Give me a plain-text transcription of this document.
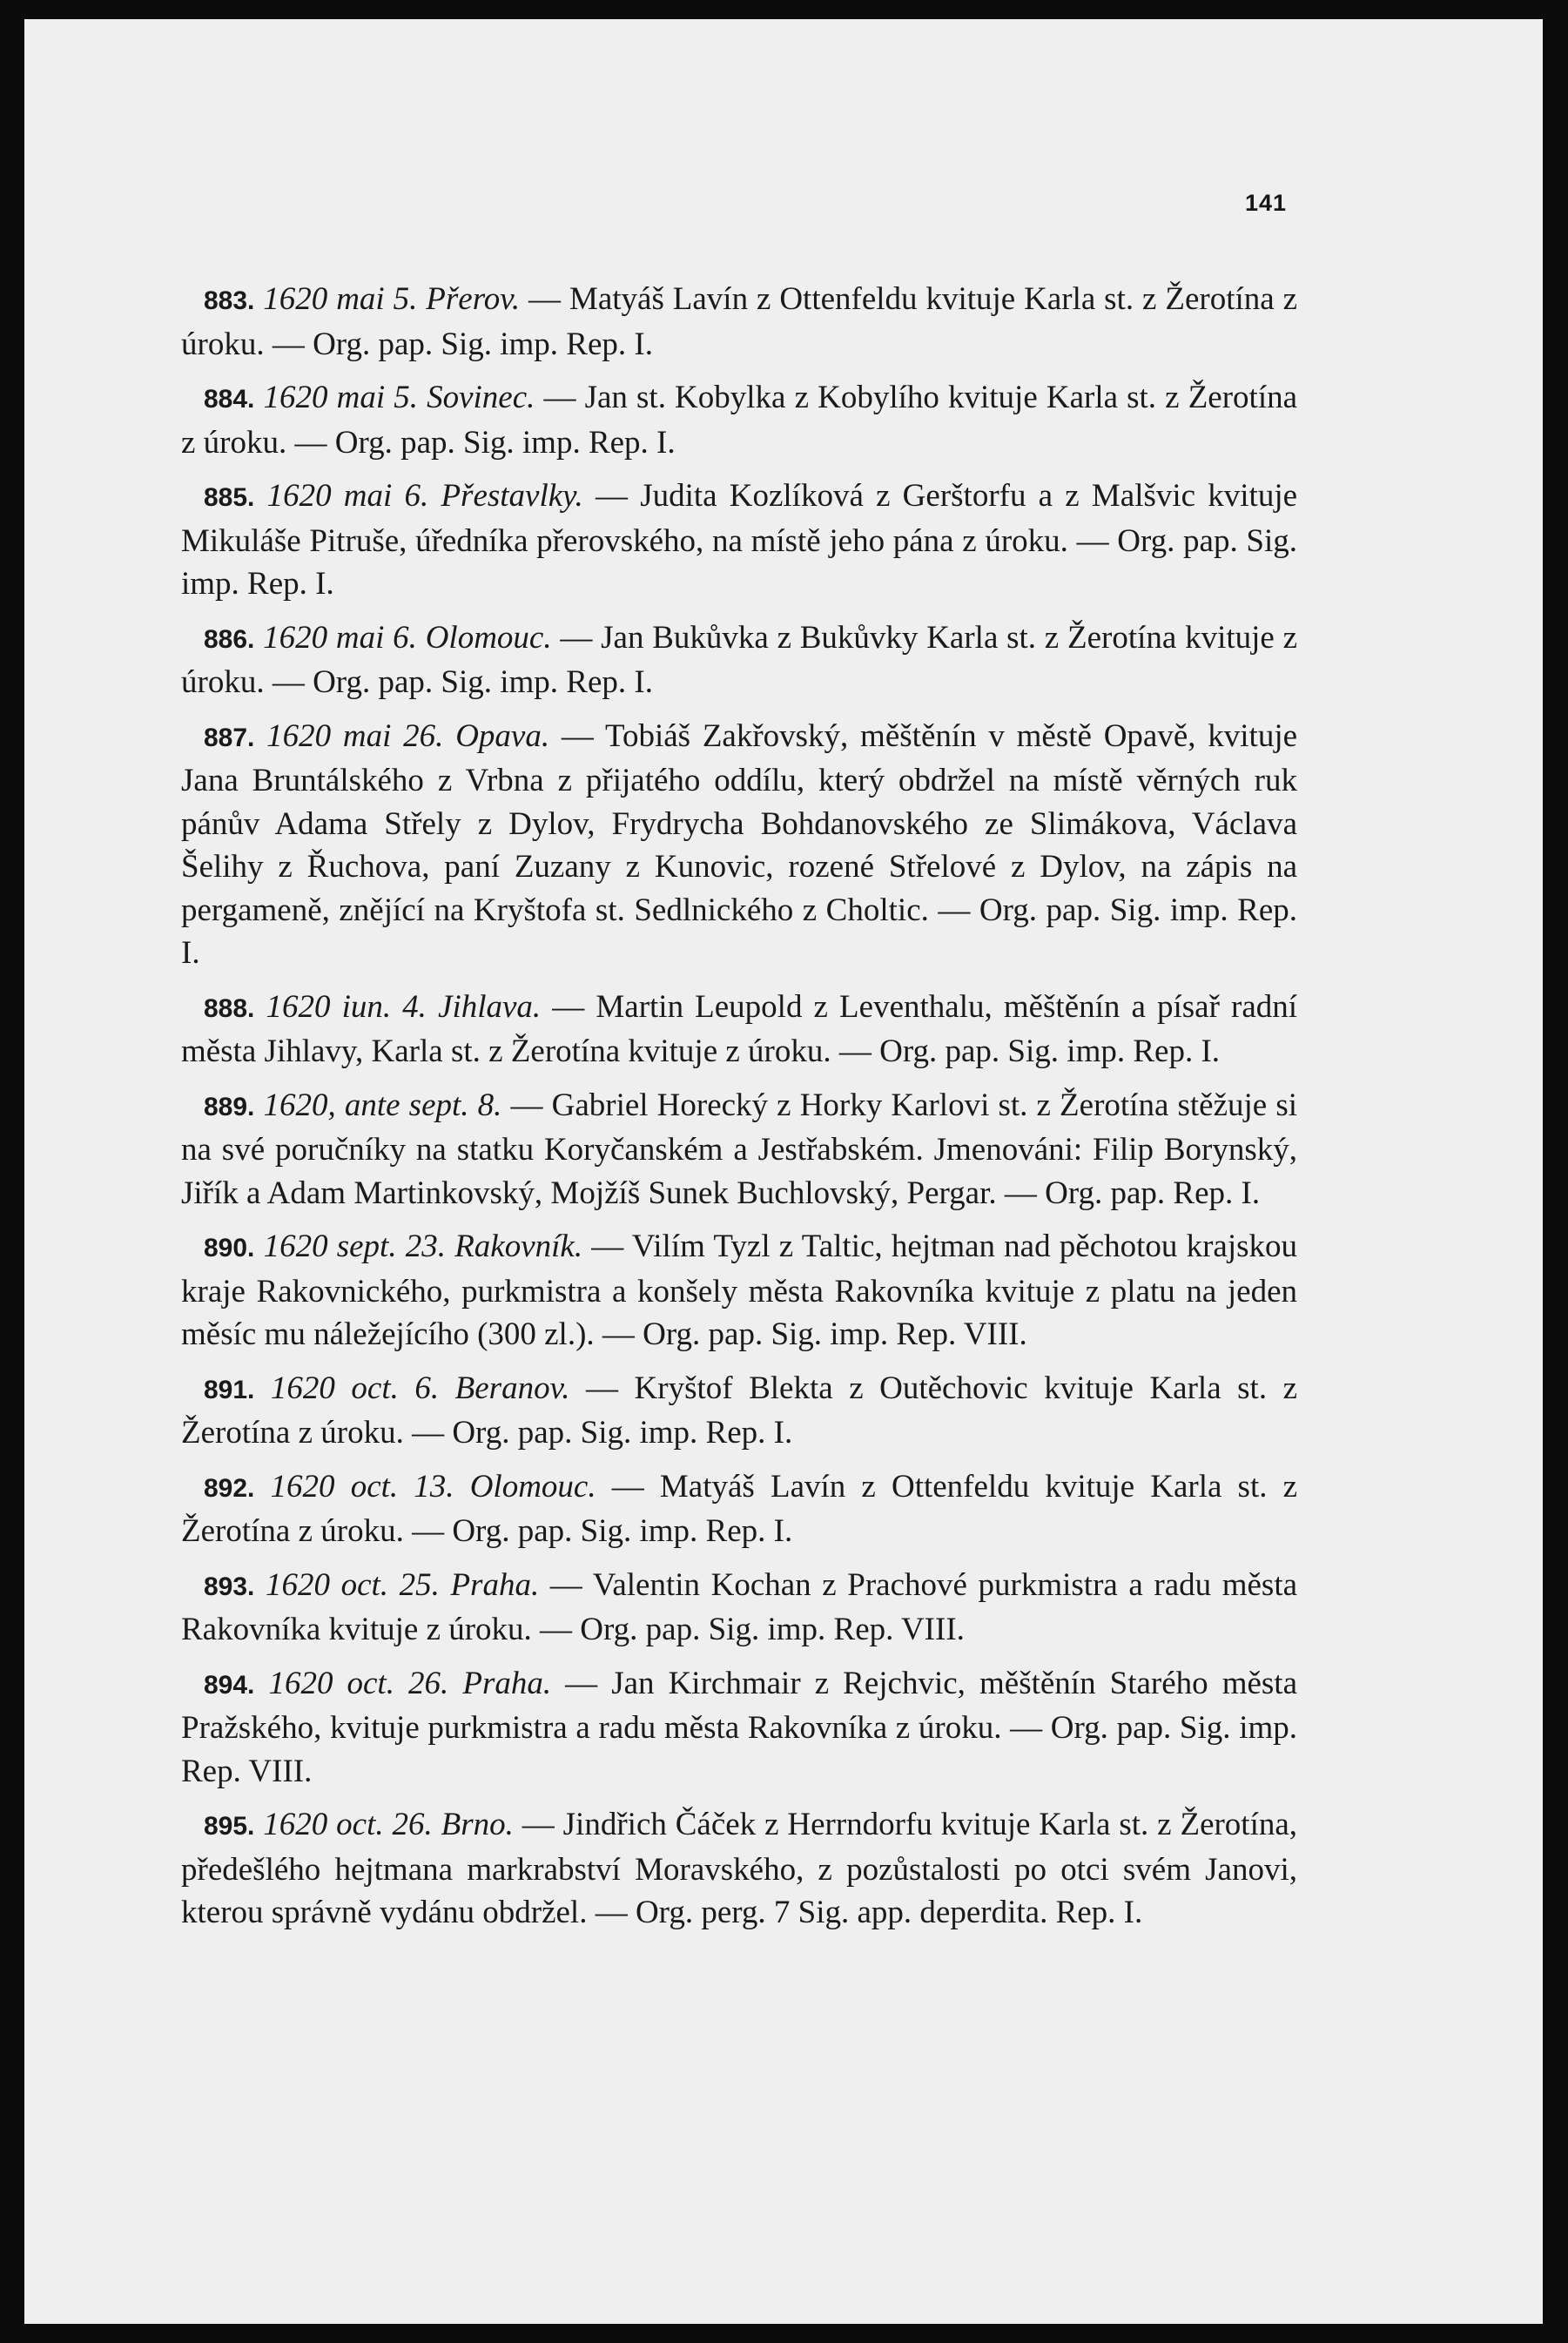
141

883. 1620 mai 5. Přerov. — Matyáš Lavín z Ottenfeldu kvituje Karla st. z Žerotína z úroku. — Org. pap. Sig. imp. Rep. I.

884. 1620 mai 5. Sovinec. — Jan st. Kobylka z Kobylího kvituje Karla st. z Žerotína z úroku. — Org. pap. Sig. imp. Rep. I.

885. 1620 mai 6. Přestavlky. — Judita Kozlíková z Gerštorfu a z Malšvic kvituje Mikuláše Pitruše, úředníka přerovského, na místě jeho pána z úroku. — Org. pap. Sig. imp. Rep. I.

886. 1620 mai 6. Olomouc. — Jan Bukůvka z Bukůvky Karla st. z Žerotína kvituje z úroku. — Org. pap. Sig. imp. Rep. I.

887. 1620 mai 26. Opava. — Tobiáš Zakřovský, měštěnín v městě Opavě, kvituje Jana Bruntálského z Vrbna z přijatého oddílu, který obdržel na místě věrných ruk pánův Adama Střely z Dylov, Frydrycha Bohdanovského ze Slimákova, Václava Šelihy z Řuchova, paní Zuzany z Kunovic, rozené Střelové z Dylov, na zápis na pergameně, znějící na Kryštofa st. Sedlnického z Choltic. — Org. pap. Sig. imp. Rep. I.

888. 1620 iun. 4. Jihlava. — Martin Leupold z Leventhalu, měštěnín a písař radní města Jihlavy, Karla st. z Žerotína kvituje z úroku. — Org. pap. Sig. imp. Rep. I.

889. 1620, ante sept. 8. — Gabriel Horecký z Horky Karlovi st. z Žerotína stěžuje si na své poručníky na statku Koryčanském a Jestřabském. Jmenováni: Filip Borynský, Jiřík a Adam Martinkovský, Mojžíš Sunek Buchlovský, Pergar. — Org. pap. Rep. I.

890. 1620 sept. 23. Rakovník. — Vilím Tyzl z Taltic, hejtman nad pěchotou krajskou kraje Rakovnického, purkmistra a konšely města Rakovníka kvituje z platu na jeden měsíc mu náležejícího (300 zl.). — Org. pap. Sig. imp. Rep. VIII.

891. 1620 oct. 6. Beranov. — Kryštof Blekta z Outěchovic kvituje Karla st. z Žerotína z úroku. — Org. pap. Sig. imp. Rep. I.

892. 1620 oct. 13. Olomouc. — Matyáš Lavín z Ottenfeldu kvituje Karla st. z Žerotína z úroku. — Org. pap. Sig. imp. Rep. I.

893. 1620 oct. 25. Praha. — Valentin Kochan z Prachové purkmistra a radu města Rakovníka kvituje z úroku. — Org. pap. Sig. imp. Rep. VIII.

894. 1620 oct. 26. Praha. — Jan Kirchmair z Rejchvic, měštěnín Starého města Pražského, kvituje purkmistra a radu města Rakovníka z úroku. — Org. pap. Sig. imp. Rep. VIII.

895. 1620 oct. 26. Brno. — Jindřich Čáček z Herrndorfu kvituje Karla st. z Žerotína, předešlého hejtmana markrabství Moravského, z pozůstalosti po otci svém Janovi, kterou správně vydánu obdržel. — Org. perg. 7 Sig. app. deperdita. Rep. I.
